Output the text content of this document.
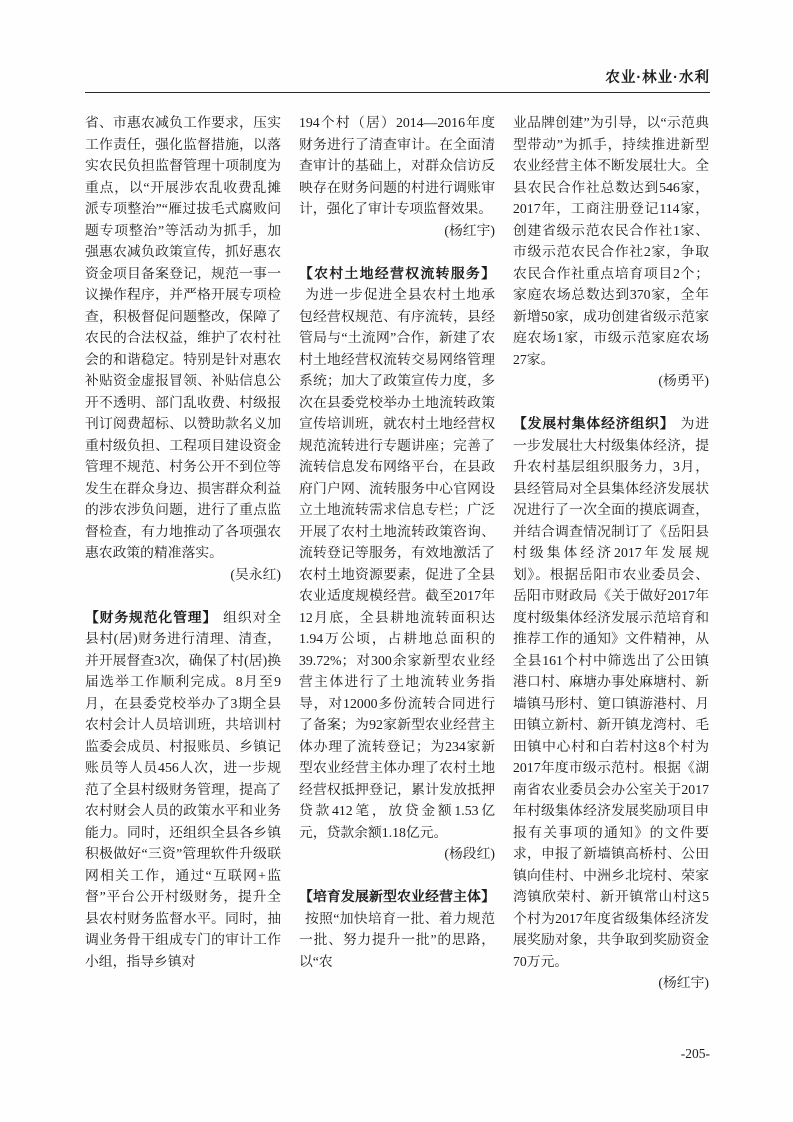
农业·林业·水利

省、市惠农减负工作要求，压实工作责任，强化监督措施，以落实农民负担监督管理十项制度为重点，以“开展涉农乱收费乱摊派专项整治”“雁过拔毛式腐败问题专项整治”等活动为抓手，加强惠农减负政策宣传，抓好惠农资金项目备案登记，规范一事一议操作程序，并严格开展专项检查，积极督促问题整改，保障了农民的合法权益，维护了农村社会的和谐稳定。特别是针对惠农补贴资金虚报冒领、补贴信息公开不透明、部门乱收费、村级报刊订阅费超标、以赞助款名义加重村级负担、工程项目建设资金管理不规范、村务公开不到位等发生在群众身边、损害群众利益的涉农涉负问题，进行了重点监督检查，有力地推动了各项强农惠农政策的精准落实。

(吴永红)

【财务规范化管理】 组织对全县村(居)财务进行清理、清查，并开展督查3次，确保了村(居)换届选举工作顺利完成。8月至9月，在县委党校举办了3期全县农村会计人员培训班，共培训村监委会成员、村报账员、乡镇记账员等人员456人次，进一步规范了全县村级财务管理，提高了农村财会人员的政策水平和业务能力。同时，还组织全县各乡镇积极做好“三资”管理软件升级联网相关工作，通过“互联网+监督”平台公开村级财务，提升全县农村财务监督水平。同时，抽调业务骨干组成专门的审计工作小组，指导乡镇对

194个村（居）2014—2016年度财务进行了清查审计。在全面清查审计的基础上，对群众信访反映存在财务问题的村进行调账审计，强化了审计专项监督效果。

(杨红宇)

【农村土地经营权流转服务】为进一步促进全县农村土地承包经营权规范、有序流转，县经管局与“土流网”合作，新建了农村土地经营权流转交易网络管理系统；加大了政策宣传力度，多次在县委党校举办土地流转政策宣传培训班，就农村土地经营权规范流转进行专题讲座；完善了流转信息发布网络平台，在县政府门户网、流转服务中心官网设立土地流转需求信息专栏；广泛开展了农村土地流转政策咨询、流转登记等服务，有效地激活了农村土地资源要素，促进了全县农业适度规模经营。截至2017年12月底，全县耕地流转面积达1.94万公顷，占耕地总面积的39.72%；对300余家新型农业经营主体进行了土地流转业务指导，对12000多份流转合同进行了备案；为92家新型农业经营主体办理了流转登记；为234家新型农业经营主体办理了农村土地经营权抵押登记，累计发放抵押贷款412笔，放贷金额1.53亿元，贷款余额1.18亿元。

(杨段红)

【培育发展新型农业经营主体】按照“加快培育一批、着力规范一批、努力提升一批”的思路，以“农

业品牌创建”为引导，以“示范典型带动”为抓手，持续推进新型农业经营主体不断发展壮大。全县农民合作社总数达到546家，2017年，工商注册登记114家，创建省级示范农民合作社1家、市级示范农民合作社2家，争取农民合作社重点培育项目2个；家庭农场总数达到370家，全年新增50家，成功创建省级示范家庭农场1家，市级示范家庭农场27家。

(杨勇平)

【发展村集体经济组织】 为进一步发展壮大村级集体经济，提升农村基层组织服务力，3月，县经管局对全县集体经济发展状况进行了一次全面的摸底调查，并结合调查情况制订了《岳阳县村级集体经济2017年发展规划》。根据岳阳市农业委员会、岳阳市财政局《关于做好2017年度村级集体经济发展示范培育和推荐工作的通知》文件精神，从全县161个村中筛选出了公田镇港口村、麻塘办事处麻塘村、新墙镇马形村、筻口镇游港村、月田镇立新村、新开镇龙湾村、毛田镇中心村和白若村这8个村为2017年度市级示范村。根据《湖南省农业委员会办公室关于2017年村级集体经济发展奖励项目申报有关事项的通知》的文件要求，申报了新墙镇高桥村、公田镇向佳村、中洲乡北垸村、荣家湾镇欣荣村、新开镇常山村这5个村为2017年度省级集体经济发展奖励对象，共争取到奖励资金70万元。

(杨红宇)

-205-
